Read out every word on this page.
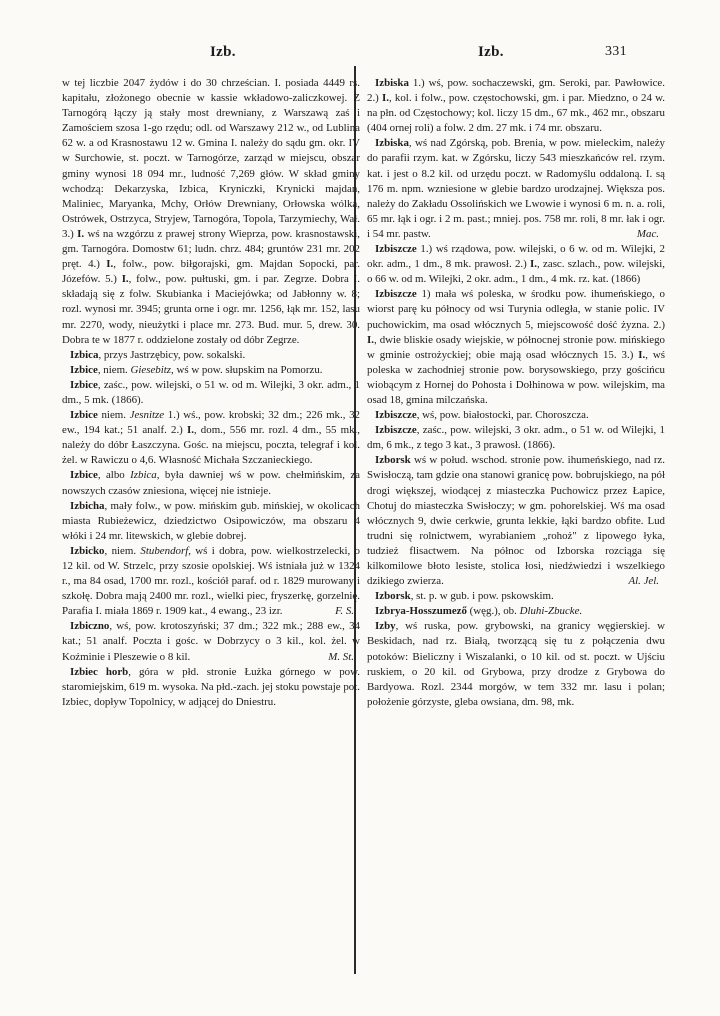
Izb.	Izb.	331

w tej liczbie 2047 żydów i do 30 chrześcian. I. posiada 4449 rs. kapitału, złożonego obecnie w kassie wkładowo-zaliczkowej. Z Tarnogórą łączy ją stały most drewniany, z Warszawą zaś i Zamościem szosa 1-go rzędu; odl. od Warszawy 212 w., od Lublina 62 w. a od Krasnostawu 12 w. Gmina I. należy do sądu gm. okr. IV w Surchowie, st. poczt. w Tarnogórze, zarząd w miejscu, obszar gminy wynosi 18 094 mr., ludność 7,269 głów. W skład gminy wchodzą: Dekarzyska, Izbica, Kryniczki, Krynicki majdan, Maliniec, Maryanka, Mchy, Orłów Drewniany, Orłowska wólka, Ostrówek, Ostrzyca, Stryjew, Tarnogóra, Topola, Tarzymiechy, Wał. 3.) I. wś na wzgórzu z prawej strony Wieprza, pow. krasnostawski, gm. Tarnogóra. Domostw 61; ludn. chrz. 484; gruntów 231 mr. 202 pręt. 4.) I., folw., pow. biłgorajski, gm. Majdan Sopocki, par. Józefów. 5.) I., folw., pow. pułtuski, gm. i par. Zegrze. Dobra I. składają się z folw. Skubianka i Maciejówka; od Jabłonny w. 8; rozl. wynosi mr. 3945; grunta orne i ogr. mr. 1256, łąk mr. 152, lasu mr. 2270, wody, nieużytki i place mr. 273. Bud. mur. 5, drew. 30. Dobra te w 1877 r. oddzielone zostały od dóbr Zegrze.

Izbica, przys Jastrzębicy, pow. sokalski.

Izbice, niem. Giesebitz, wś w pow. słupskim na Pomorzu.

Izbice, zaśc., pow. wilejski, o 51 w. od m. Wilejki, 3 okr. adm., 1 dm., 5 mk. (1866).

Izbice niem. Jesnitze 1.) wś., pow. krobski; 32 dm.; 226 mk., 32 ew., 194 kat.; 51 analf. 2.) I., dom., 556 mr. rozl. 4 dm., 55 mk., należy do dóbr Łaszczyna. Gośc. na miejscu, poczta, telegraf i kol. żel. w Rawiczu o 4,6. Własność Michała Szczanieckiego.

Izbice, albo Izbica, była dawniej wś w pow. chełmińskim, za nowszych czasów zniesiona, więcej nie istnieje.

Izbicha, mały folw., w pow. mińskim gub. mińskiej, w okolicach miasta Rubieżewicz, dziedzictwo Osipowiczów, ma obszaru 4 włóki i 24 mr. litewskich, w glebie dobrej.

Izbicko, niem. Stubendorf, wś i dobra, pow. wielkostrzelecki, o 12 kil. od W. Strzelc, przy szosie opolskiej. Wś istniała już w 1324 r., ma 84 osad, 1700 mr. rozl., kościół paraf. od r. 1829 murowany i szkołę. Dobra mają 2400 mr. rozl., wielki piec, fryszerkę, gorzelnię. Parafia I. miała 1869 r. 1909 kat., 4 ewang., 23 izr.	F. S.

Izbiczno, wś, pow. krotoszyński; 37 dm.; 322 mk.; 288 ew., 34 kat.; 51 analf. Poczta i gośc. w Dobrzycy o 3 kil., kol. żel. w Koźminie i Pleszewie o 8 kil.	M. St.

Izbiec horb, góra w płd. stronie Łużka górnego w pow. staromiejskim, 619 m. wysoka. Na płd.-zach. jej stoku powstaje pot. Izbiec, dopływ Topolnicy, w adjącej do Dniestru.

Izbiska 1.) wś, pow. sochaczewski, gm. Seroki, par. Pawłowice. 2.) I., kol. i folw., pow. częstochowski, gm. i par. Miedzno, o 24 w. na płn. od Częstochowy; kol. liczy 15 dm., 67 mk., 462 mr., obszaru (404 ornej roli) a folw. 2 dm. 27 mk. i 74 mr. obszaru.

Izbiska, wś nad Zgórską, pob. Brenia, w pow. mieleckim, należy do parafii rzym. kat. w Zgórsku, liczy 543 mieszkańców rel. rzym. kat. i jest o 8.2 kil. od urzędu poczt. w Radomyślu oddaloną. I. są 176 m. npm. wzniesione w glebie bardzo urodzajnej. Większa pos. należy do Zakładu Ossolińskich we Lwowie i wynosi 6 m. n. a. roli, 65 mr. łąk i ogr. i 2 m. past.; mniej. pos. 758 mr. roli, 8 mr. łak i ogr. i 54 mr. pastw.	Mac.

Izbiszcze 1.) wś rządowa, pow. wilejski, o 6 w. od m. Wilejki, 2 okr. adm., 1 dm., 8 mk. prawosł. 2.) I., zasc. szlach., pow. wilejski, o 66 w. od m. Wilejki, 2 okr. adm., 1 dm., 4 mk. rz. kat. (1866)

Izbiszcze 1) mała wś poleska, w środku pow. ihumeńskiego, o wiorst parę ku północy od wsi Turynia odległa, w stanie polic. IV puchowickim, ma osad włócznych 5, miejscowość dość żyzna. 2.) I., dwie bliskie osady wiejskie, w północnej stronie pow. mińskiego w gminie ostrożyckiej; obie mają osad włócznych 15. 3.) I., wś poleska w zachodniej stronie pow. borysowskiego, przy gościńcu wiobącym z Hornej do Pohosta i Dołhinowa w pow. wilejskim, ma osad 18, gmina milczańska.

Izbiszcze, wś, pow. białostocki, par. Choroszcza.

Izbiszcze, zaśc., pow. wilejski, 3 okr. adm., o 51 w. od Wilejki, 1 dm, 6 mk., z tego 3 kat., 3 prawosł. (1866).

Izborsk wś w połud. wschod. stronie pow. ihumeńskiego, nad rz. Swisłoczą, tam gdzie ona stanowi granicę pow. bobrujskiego, na pół drogi większej, wiodącej z miasteczka Puchowicz przez Łapice, Chotuj do miasteczka Swisłoczy; w gm. pohorelskiej. Wś ma osad włócznych 9, dwie cerkwie, grunta lekkie, łąki bardzo obfite. Lud trudni się rolnictwem, wyrabianiem „rohoż" z lipowego łyka, tudzież flisactwem. Na północ od Izborska rozciąga się kilkomilowe błoto lesiste, stolica łosi, niedźwiedzi i wszelkiego dzikiego zwierza.	Al. Jel.

Izborsk, st. p. w gub. i pow. pskowskim.

Izbrya-Hosszumező (węg.), ob. Dluhi-Zbucke.

Izby, wś ruska, pow. grybowski, na granicy węgierskiej. w Beskidach, nad rz. Białą, tworzącą się tu z połączenia dwu potoków: Bieliczny i Wiszalanki, o 10 kil. od st. poczt. w Ujściu ruskiem, o 20 kil. od Grybowa, przy drodze z Grybowa do Bardyowa. Rozl. 2344 morgów, w tem 332 mr. lasu i polan; położenie górzyste, gleba owsiana, dm. 98, mk.
